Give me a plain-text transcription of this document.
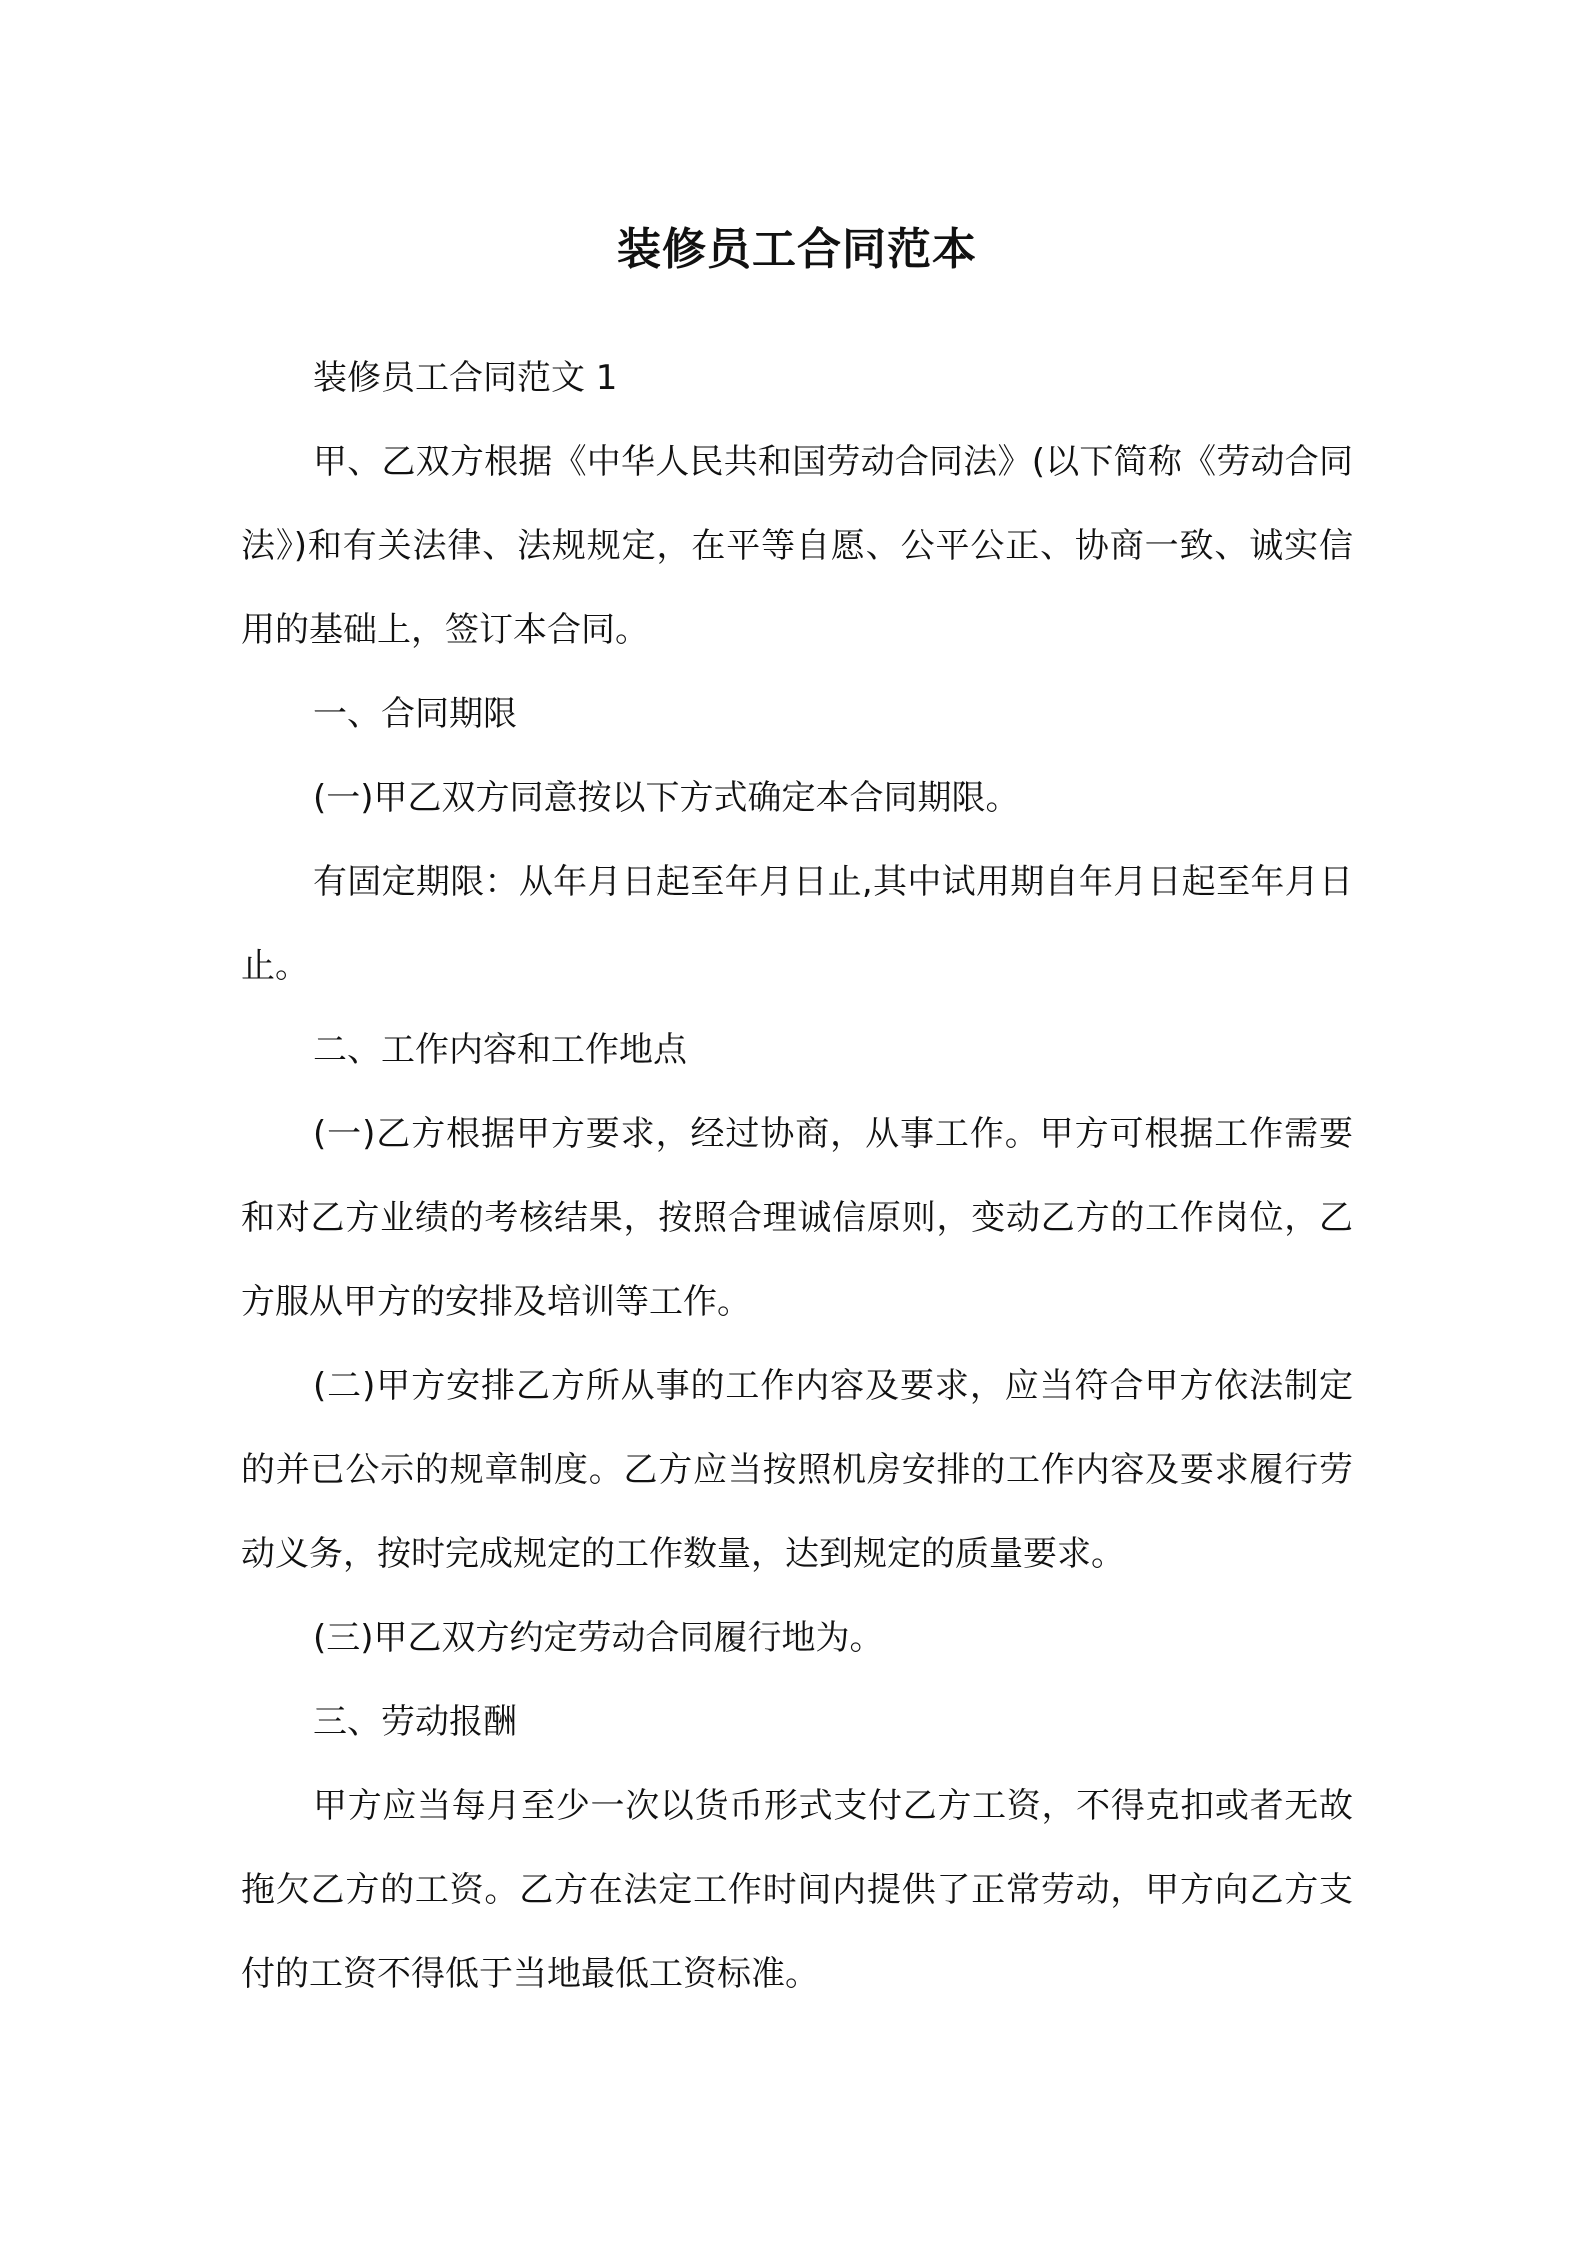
装修员工合同范本

装修员工合同范文 1

甲、乙双方根据《中华人民共和国劳动合同法》(以下简称《劳动合同法》)和有关法律、法规规定，在平等自愿、公平公正、协商一致、诚实信用的基础上，签订本合同。

一、合同期限

(一)甲乙双方同意按以下方式确定本合同期限。

有固定期限：从年月日起至年月日止,其中试用期自年月日起至年月日止。

二、工作内容和工作地点

(一)乙方根据甲方要求，经过协商，从事工作。甲方可根据工作需要和对乙方业绩的考核结果，按照合理诚信原则，变动乙方的工作岗位，乙方服从甲方的安排及培训等工作。

(二)甲方安排乙方所从事的工作内容及要求，应当符合甲方依法制定的并已公示的规章制度。乙方应当按照机房安排的工作内容及要求履行劳动义务，按时完成规定的工作数量，达到规定的质量要求。

(三)甲乙双方约定劳动合同履行地为。

三、劳动报酬

甲方应当每月至少一次以货币形式支付乙方工资，不得克扣或者无故拖欠乙方的工资。乙方在法定工作时间内提供了正常劳动，甲方向乙方支付的工资不得低于当地最低工资标准。
